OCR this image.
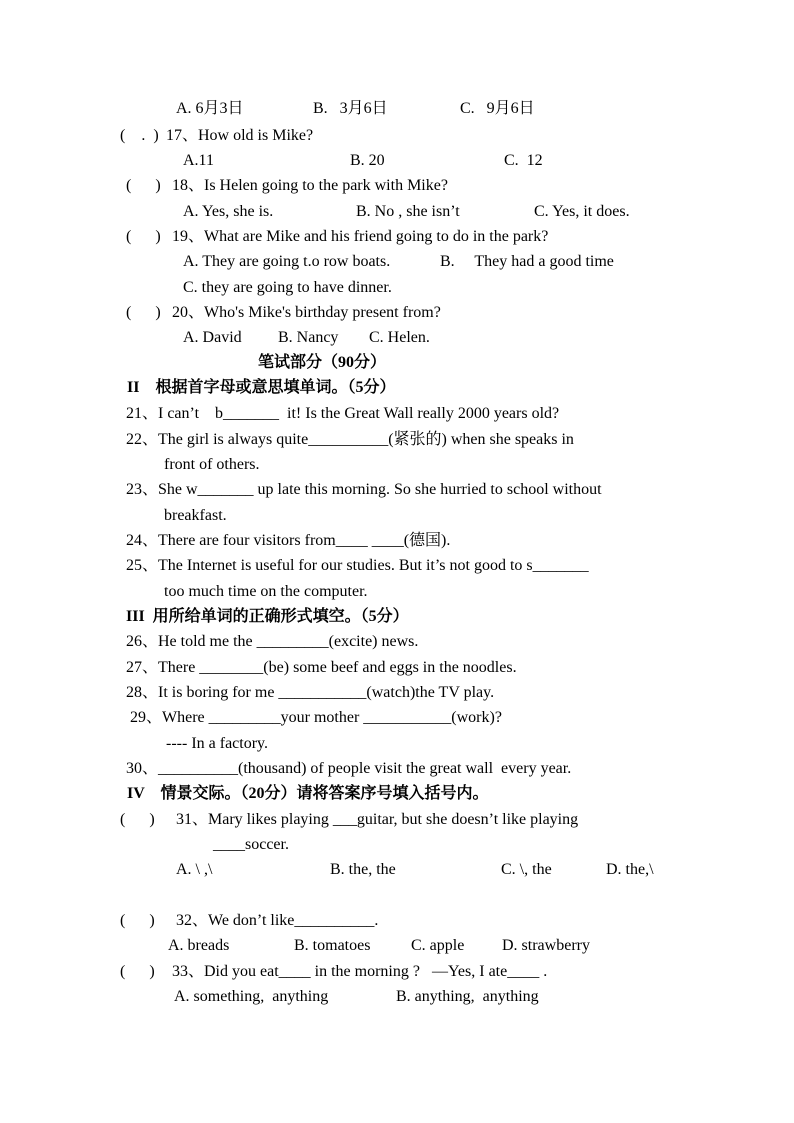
A. 6月3日	B.   3月6日	C.   9月6日
(    .  ) 17、How old is Mike?
A.11	B. 20	C.  12
(      ) 18、Is Helen going to the park with Mike?
A. Yes, she is.	B. No , she isn’t	C. Yes, it does.
(      ) 19、What are Mike and his friend going to do in the park?
A. They are going t.o row boats.	B.     They had a good time
C. they are going to have dinner.
(      ) 20、Who's Mike's birthday present from?
A. David B. Nancy C. Helen.
笔试部分（90分）
II    根据首字母或意思填单词。（5分）
21、I can’t    b_______  it! Is the Great Wall really 2000 years old?
22、The girl is always quite__________(紧张的) when she speaks in
front of others.
23、She w_______ up late this morning. So she hurried to school without
breakfast.
24、There are four visitors from____ ____(德国).
25、The Internet is useful for our studies. But it’s not good to s_______
too much time on the computer.
III  用所给单词的正确形式填空。（5分）
26、He told me the _________(excite) news.
27、There ________(be) some beef and eggs in the noodles.
28、It is boring for me ___________(watch)the TV play.
29、Where _________your mother ___________(work)?
---- In a factory.
30、__________(thousand) of people visit the great wall  every year.
IV    情景交际。（20分）请将答案序号填入括号内。
(      ) 31、Mary likes playing ___guitar, but she doesn’t like playing
____soccer.
A. \ ,\	B. the, the	C. \, the	D. the,\
(      ) 32、We don’t like__________.
A. breads	B. tomatoes	C. apple D. strawberry
(      ) 33、Did you eat____ in the morning ?   —Yes, I ate____ .
A. something,  anything	B. anything,  anything
